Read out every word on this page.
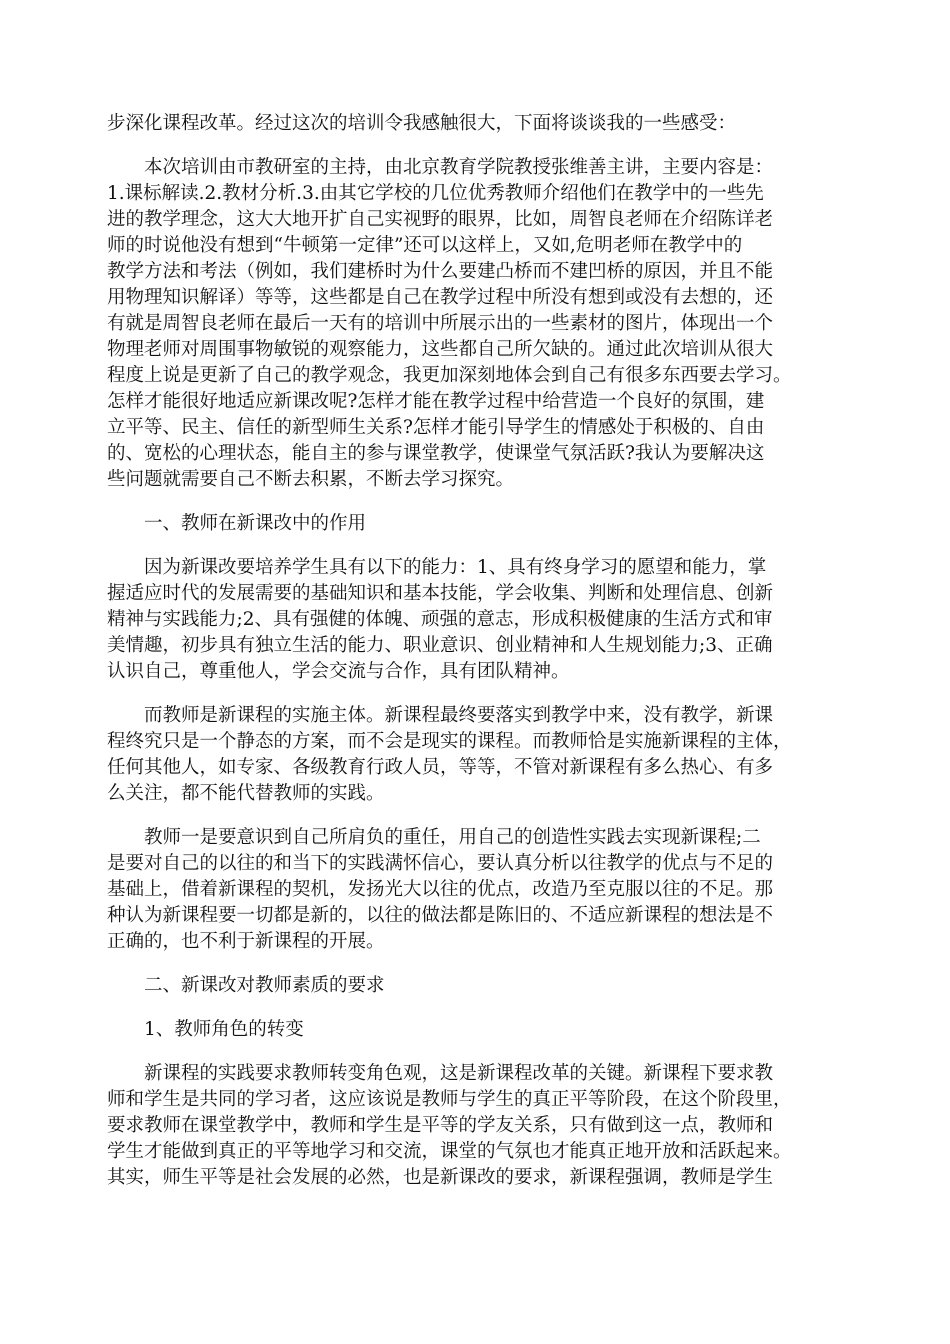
步深化课程改革。经过这次的培训令我感触很大，下面将谈谈我的一些感受：
本次培训由市教研室的主持，由北京教育学院教授张维善主讲，主要内容是：
1.课标解读.2.教材分析.3.由其它学校的几位优秀教师介绍他们在教学中的一些先
进的教学理念，这大大地开扩自己实视野的眼界，比如，周智良老师在介绍陈详老
师的时说他没有想到“牛顿第一定律”还可以这样上，又如,危明老师在教学中的
教学方法和考法（例如，我们建桥时为什么要建凸桥而不建凹桥的原因，并且不能
用物理知识解译）等等，这些都是自己在教学过程中所没有想到或没有去想的，还
有就是周智良老师在最后一天有的培训中所展示出的一些素材的图片，体现出一个
物理老师对周围事物敏锐的观察能力，这些都自己所欠缺的。通过此次培训从很大
程度上说是更新了自己的教学观念，我更加深刻地体会到自己有很多东西要去学习。
怎样才能很好地适应新课改呢?怎样才能在教学过程中给营造一个良好的氛围，建
立平等、民主、信任的新型师生关系?怎样才能引导学生的情感处于积极的、自由
的、宽松的心理状态，能自主的参与课堂教学，使课堂气氛活跃?我认为要解决这
些问题就需要自己不断去积累，不断去学习探究。
一、教师在新课改中的作用
因为新课改要培养学生具有以下的能力：1、具有终身学习的愿望和能力，掌
握适应时代的发展需要的基础知识和基本技能，学会收集、判断和处理信息、创新
精神与实践能力;2、具有强健的体魄、顽强的意志，形成积极健康的生活方式和审
美情趣，初步具有独立生活的能力、职业意识、创业精神和人生规划能力;3、正确
认识自己，尊重他人，学会交流与合作，具有团队精神。
而教师是新课程的实施主体。新课程最终要落实到教学中来，没有教学，新课
程终究只是一个静态的方案，而不会是现实的课程。而教师恰是实施新课程的主体，
任何其他人，如专家、各级教育行政人员，等等，不管对新课程有多么热心、有多
么关注，都不能代替教师的实践。
教师一是要意识到自己所肩负的重任，用自己的创造性实践去实现新课程;二
是要对自己的以往的和当下的实践满怀信心，要认真分析以往教学的优点与不足的
基础上，借着新课程的契机，发扬光大以往的优点，改造乃至克服以往的不足。那
种认为新课程要一切都是新的，以往的做法都是陈旧的、不适应新课程的想法是不
正确的，也不利于新课程的开展。
二、新课改对教师素质的要求
1、教师角色的转变
新课程的实践要求教师转变角色观，这是新课程改革的关键。新课程下要求教
师和学生是共同的学习者，这应该说是教师与学生的真正平等阶段，在这个阶段里，
要求教师在课堂教学中，教师和学生是平等的学友关系，只有做到这一点，教师和
学生才能做到真正的平等地学习和交流，课堂的气氛也才能真正地开放和活跃起来。
其实，师生平等是社会发展的必然，也是新课改的要求，新课程强调，教师是学生
